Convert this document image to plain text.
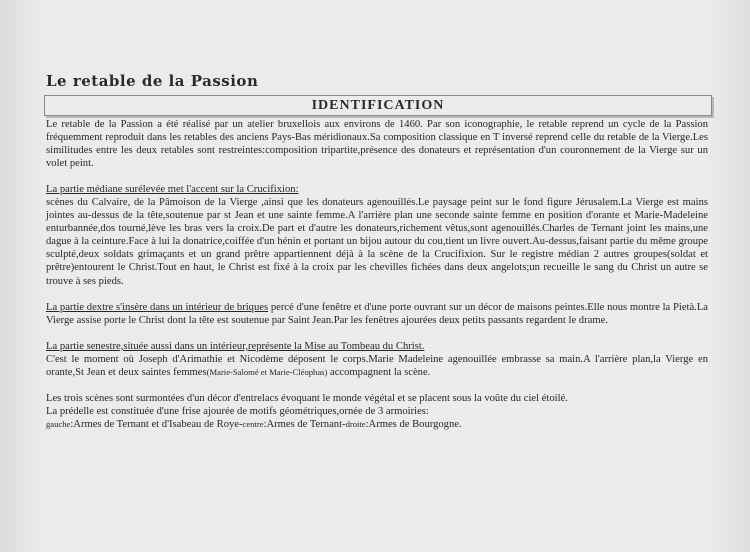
Le retable de la Passion
IDENTIFICATION

Le retable de la Passion a été réalisé par un atelier bruxellois aux environs de 1460. Par son iconographie, le retable reprend un cycle de la Passion fréquemment reproduit dans les retables des anciens Pays-Bas méridionaux.Sa composition classique en T inversé reprend celle du retable de la Vierge.Les similitudes entre les deux retables sont restreintes:composition tripartite,présence des donateurs et représentation d'un couronnement de la Vierge sur un volet peint.

La partie médiane surélevée met l'accent sur la Crucifixion:

scènes du Calvaire, de la Pâmoison de la Vierge ,ainsi que les donateurs agenouillés.Le paysage peint sur le fond figure Jérusalem.La Vierge est mains jointes au-dessus de la tête,soutenue par st Jean et une sainte femme.A l'arrière plan une seconde sainte femme en position d'orante et Marie-Madeleine enturbannée,dos tourné,lève les bras vers la croix.De part et d'autre les donateurs,richement vêtus,sont agenouillés.Charles de Ternant joint les mains,une dague à la ceinture.Face à lui la donatrice,coiffée d'un hénin et portant un bijou autour du cou,tient un livre ouvert.Au-dessus,faisant partie du même groupe sculpté,deux soldats grimaçants et un grand prêtre appartiennent déjà à la scène de la Crucifixion. Sur le registre médian 2 autres groupes(soldat et prêtre)entourent le Christ.Tout en haut, le Christ est fixé à la croix par les chevilles fichées dans deux angelots;un recueille le sang du Christ un autre se trouve à ses pieds.

La partie dextre s'insère dans un intérieur de briques percé d'une fenêtre et d'une porte ouvrant sur un décor de maisons peintes.Elle nous montre la Pietà.La Vierge assise porte le Christ dont la tête est soutenue par Saint Jean.Par les fenêtres ajourées deux petits passants regardent le drame.

La partie senestre,située aussi dans un intérieur,représente la Mise au Tombeau du Christ.

C'est le moment où Joseph d'Arimathie et Nicodème déposent le corps.Marie Madeleine agenouillée embrasse sa main.A l'arrière plan,la Vierge en orante,St Jean et deux saintes femmes(Marie-Salomé et Marie-Cléophas) accompagnent la scène.

Les trois scènes sont surmontées d'un décor d'entrelacs évoquant le monde végétal et se placent sous la voûte du ciel étoilé.

La prédelle est constituée d'une frise ajourée de motifs géométriques,ornée de 3 armoiries:

gauche:Armes de Ternant et d'Isabeau de Roye-centre:Armes de Ternant-droite:Armes de Bourgogne.
